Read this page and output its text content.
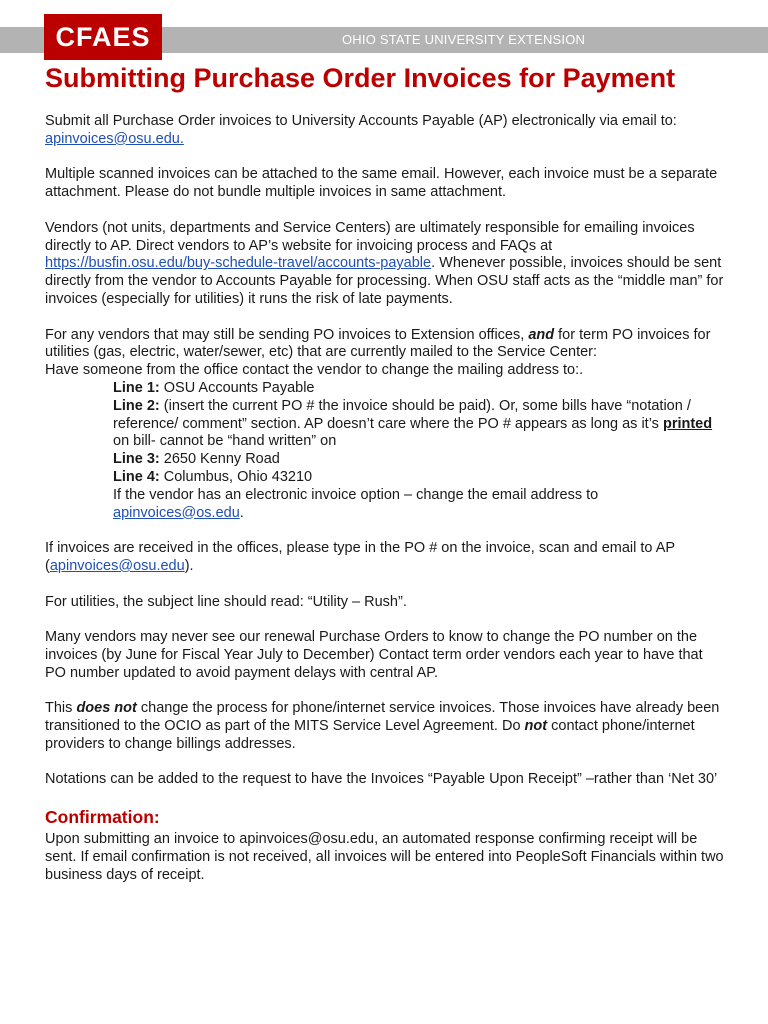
OHIO STATE UNIVERSITY EXTENSION
CFAES
Submitting Purchase Order Invoices for Payment

Submit all Purchase Order invoices to University Accounts Payable (AP) electronically via email to:
apinvoices@osu.edu.

Multiple scanned invoices can be attached to the same email. However, each invoice must be a separate attachment. Please do not bundle multiple invoices in same attachment.

Vendors (not units, departments and Service Centers) are ultimately responsible for emailing invoices directly to AP. Direct vendors to AP’s website for invoicing process and FAQs at https://busfin.osu.edu/buy-schedule-travel/accounts-payable. Whenever possible, invoices should be sent directly from the vendor to Accounts Payable for processing. When OSU staff acts as the “middle man” for invoices (especially for utilities) it runs the risk of late payments.

For any vendors that may still be sending PO invoices to Extension offices, and for term PO invoices for utilities (gas, electric, water/sewer, etc) that are currently mailed to the Service Center:
Have someone from the office contact the vendor to change the mailing address to:.

Line 1: OSU Accounts Payable
Line 2: (insert the current PO # the invoice should be paid). Or, some bills have “notation / reference/ comment” section. AP doesn’t care where the PO # appears as long as it’s printed on bill- cannot be “hand written” on
Line 3: 2650 Kenny Road
Line 4: Columbus, Ohio 43210
If the vendor has an electronic invoice option – change the email address to
apinvoices@os.edu.

If invoices are received in the offices, please type in the PO # on the invoice, scan and email to AP (apinvoices@osu.edu).

For utilities, the subject line should read: “Utility – Rush”.

Many vendors may never see our renewal Purchase Orders to know to change the PO number on the invoices (by June for Fiscal Year July to December) Contact term order vendors each year to have that PO number updated to avoid payment delays with central AP.

This does not change the process for phone/internet service invoices. Those invoices have already been transitioned to the OCIO as part of the MITS Service Level Agreement. Do not contact phone/internet providers to change billings addresses.

Notations can be added to the request to have the Invoices “Payable Upon Receipt” –rather than ‘Net 30’

Confirmation:

Upon submitting an invoice to apinvoices@osu.edu, an automated response confirming receipt will be sent. If email confirmation is not received, all invoices will be entered into PeopleSoft Financials within two business days of receipt.
